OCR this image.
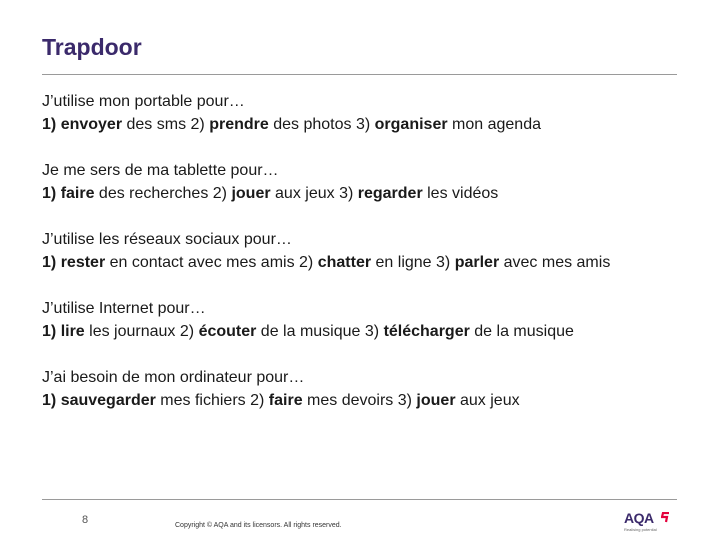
Trapdoor

J’utilise mon portable pour…

1) envoyer des sms 2) prendre des photos 3) organiser mon agenda

Je me sers de ma tablette pour…

1) faire des recherches 2) jouer aux jeux 3) regarder les vidéos

J’utilise les réseaux sociaux pour…

1) rester en contact avec mes amis 2) chatter en ligne 3) parler avec mes amis

J’utilise Internet pour…

1) lire les journaux 2) écouter de la musique 3) télécharger de la musique

J’ai besoin de mon ordinateur pour…

1) sauvegarder mes fichiers 2) faire mes devoirs 3) jouer aux jeux

8	Copyright © AQA and its licensors. All rights reserved.	AQA
Realising potential
